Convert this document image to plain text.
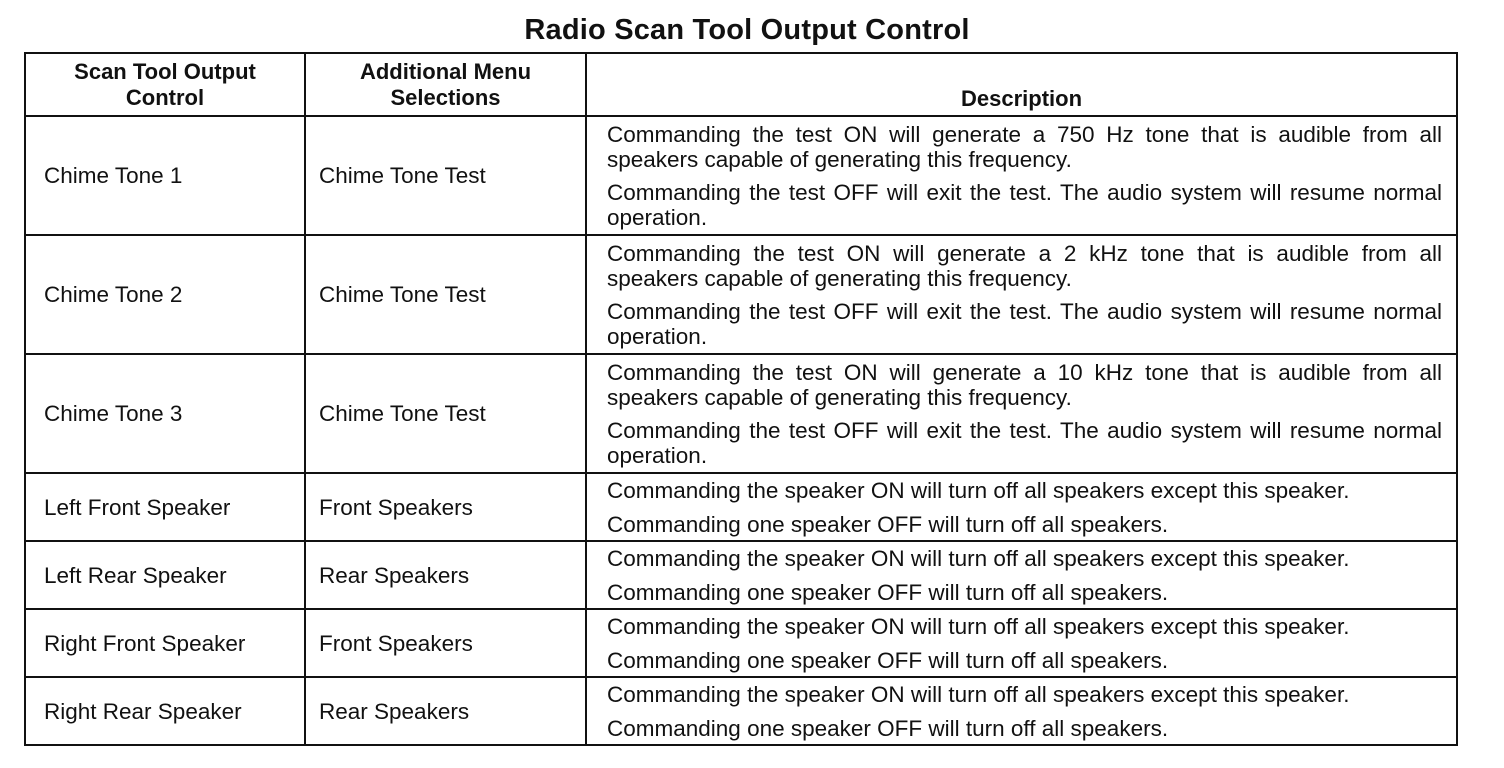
Radio Scan Tool Output Control
Scan Tool Output Control	Additional Menu Selections	Description
Chime Tone 1	Chime Tone Test	Commanding the test ON will generate a 750 Hz tone that is audible from all speakers capable of generating this frequency.
Commanding the test OFF will exit the test. The audio system will resume normal operation.

Chime Tone 2	Chime Tone Test	Commanding the test ON will generate a 2 kHz tone that is audible from all speakers capable of generating this frequency.
Commanding the test OFF will exit the test. The audio system will resume normal operation.

Chime Tone 3	Chime Tone Test	Commanding the test ON will generate a 10 kHz tone that is audible from all speakers capable of generating this frequency.
Commanding the test OFF will exit the test. The audio system will resume normal operation.

Left Front Speaker	Front Speakers	Commanding the speaker ON will turn off all speakers except this speaker.
Commanding one speaker OFF will turn off all speakers.

Left Rear Speaker	Rear Speakers	Commanding the speaker ON will turn off all speakers except this speaker.
Commanding one speaker OFF will turn off all speakers.

Right Front Speaker	Front Speakers	Commanding the speaker ON will turn off all speakers except this speaker.
Commanding one speaker OFF will turn off all speakers.

Right Rear Speaker	Rear Speakers	Commanding the speaker ON will turn off all speakers except this speaker.
Commanding one speaker OFF will turn off all speakers.
